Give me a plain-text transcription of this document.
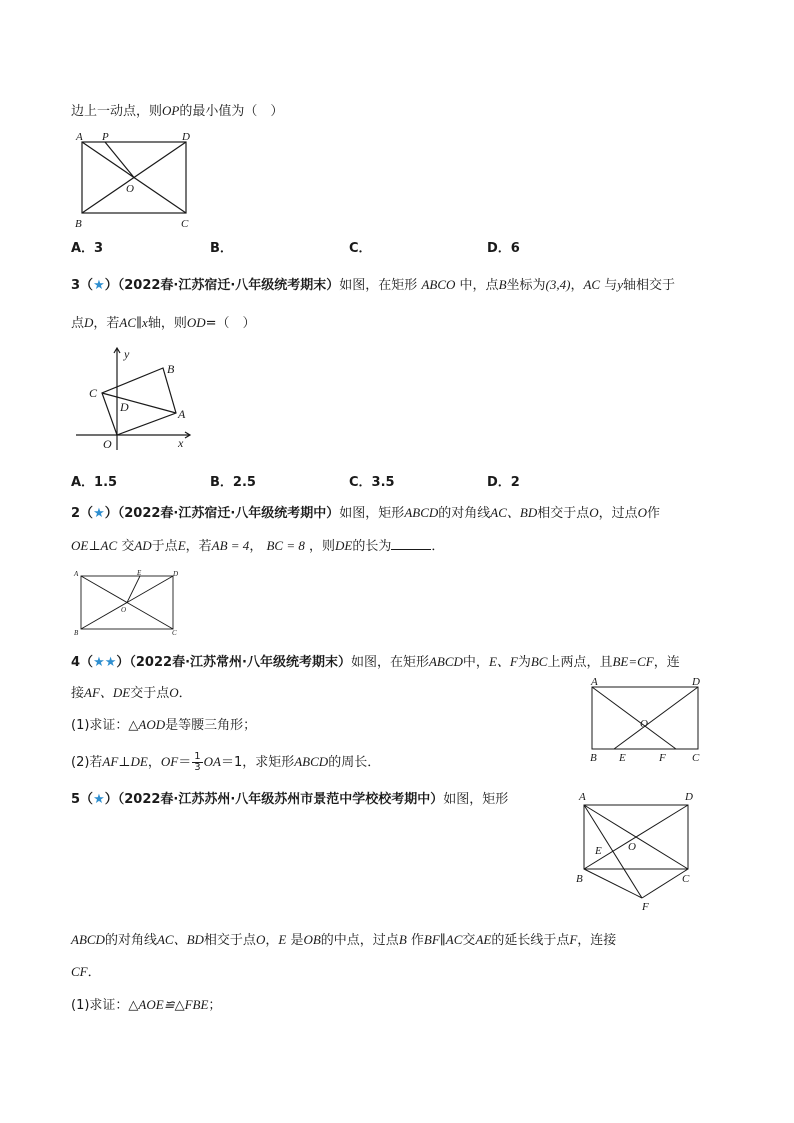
边上一动点，则OP的最小值为（　）
A P	D
O
B	C
A．3	B．	C．	D．6
3（★）（2022春·江苏宿迁·八年级统考期末）如图，在矩形 ABCO 中，点B坐标为(3,4)，AC 与y轴相交于
点D，若AC∥x轴，则OD=（　）
y
B
C
D	A
O	x
A．1.5	B．2.5	C．3.5	D．2
2（★）（2022春·江苏宿迁·八年级统考期中）如图，矩形ABCD的对角线AC、BD相交于点O，过点O作
OE⊥AC 交AD于点E，若AB = 4， BC = 8 ，则DE的长为	．
A	E	D
O
B	C
4（★★）（2022春·江苏常州·八年级统考期末）如图，在矩形ABCD中，E、F为BC上两点，且BE=CF，连
接AF、DE交于点O．
(1)求证：△AOD是等腰三角形；
(2)若AF⊥DE，$OF= \frac{1}{3} OA=1$，求矩形ABCD的周长．
A	D
O
B E	F C
5（★）（2022春·江苏苏州·八年级苏州市景范中学校校考期中）如图，矩形	A	D
E O
B	C
F
ABCD的对角线AC、BD相交于点O，E 是OB的中点，过点B 作BF∥AC交AE的延长线于点F，连接
CF．
(1)求证：△AOE≌△FBE；
